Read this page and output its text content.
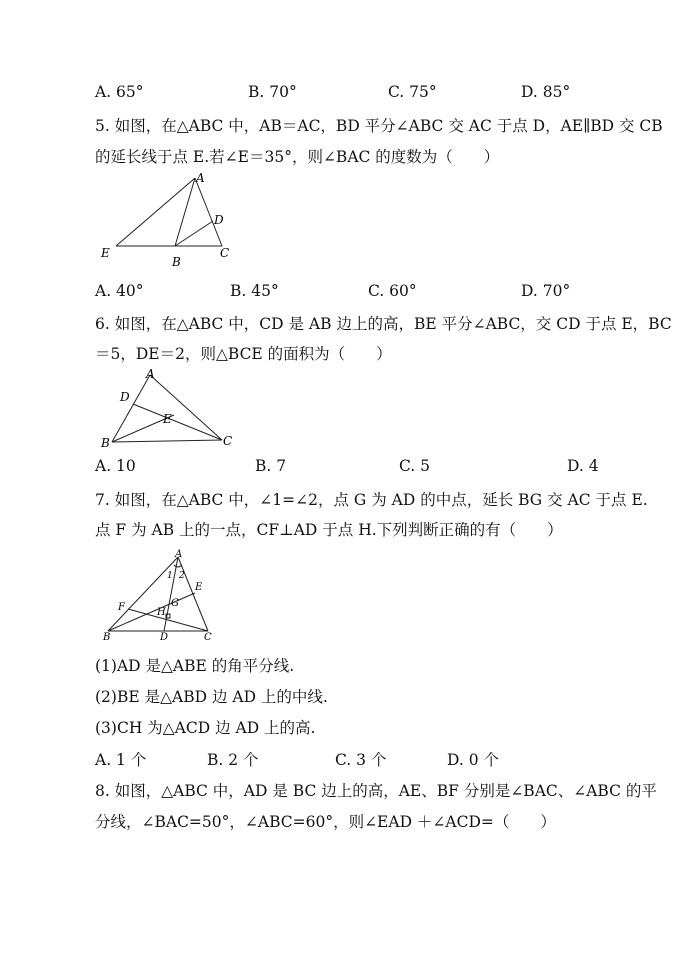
A. 65°	B. 70°	C. 75°	D. 85°
5. 如图，在△ABC 中，AB＝AC，BD 平分∠ABC 交 AC 于点 D，AE∥BD 交 CB
的延长线于点 E.若∠E＝35°，则∠BAC 的度数为（　　）
A
D
E
B
C
A. 40°	B. 45°	C. 60°	D. 70°
6. 如图，在△ABC 中，CD 是 AB 边上的高，BE 平分∠ABC，交 CD 于点 E，BC
＝5，DE＝2，则△BCE 的面积为（　　）
A
D
E
B	C
A. 10	B. 7	C. 5	D. 4
7. 如图，在△ABC 中，∠1=∠2，点 G 为 AD 的中点，延长 BG 交 AC 于点 E.
点 F 为 AB 上的一点，CF⊥AD 于点 H.下列判断正确的有（　　）
A
1 2
E
F	G
H
B	D	C
(1)AD 是△ABE 的角平分线.
(2)BE 是△ABD 边 AD 上的中线.
(3)CH 为△ACD 边 AD 上的高.
A. 1 个	B. 2 个	C. 3 个	D. 0 个
8. 如图，△ABC 中，AD 是 BC 边上的高，AE、BF 分别是∠BAC、∠ABC 的平
分线，∠BAC=50°，∠ABC=60°，则∠EAD ＋∠ACD=（　　）
